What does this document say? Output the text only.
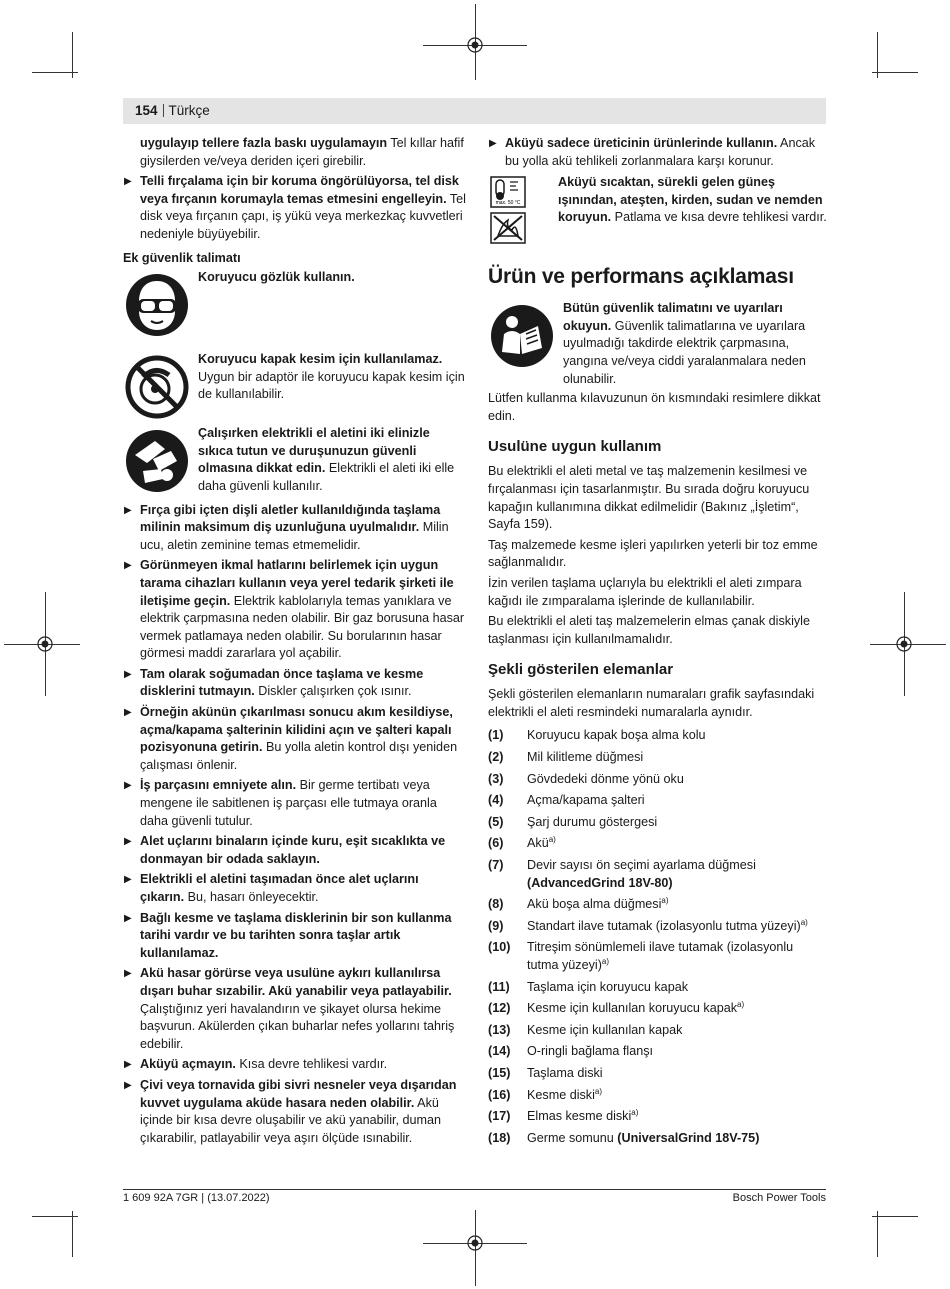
154 Türkçe

uygulayıp tellere fazla baskı uygulamayın Tel kıllar hafif giysilerden ve/veya deriden içeri girebilir.

▶ Telli fırçalama için bir koruma öngörülüyorsa, tel disk veya fırçanın korumayla temas etmesini engelleyin. Tel disk veya fırçanın çapı, iş yükü veya merkezkaç kuvvetleri nedeniyle büyüyebilir.
Ek güvenlik talimatı
Koruyucu gözlük kullanın.
Koruyucu kapak kesim için kullanılamaz. Uygun bir adaptör ile koruyucu kapak kesim için de kullanılabilir.
Çalışırken elektrikli el aletini iki elinizle sıkıca tutun ve duruşunuzun güvenli olmasına dikkat edin. Elektrikli el aleti iki elle daha güvenli kullanılır.
▶ Fırça gibi içten dişli aletler kullanıldığında taşlama milinin maksimum diş uzunluğuna uyulmalıdır. Milin ucu, aletin zeminine temas etmemelidir.
▶ Görünmeyen ikmal hatlarını belirlemek için uygun tarama cihazları kullanın veya yerel tedarik şirketi ile iletişime geçin. Elektrik kablolarıyla temas yanıklara ve elektrik çarpmasına neden olabilir. Bir gaz borusuna hasar vermek patlamaya neden olabilir. Su borularının hasar görmesi maddi zararlara yol açabilir.
▶ Tam olarak soğumadan önce taşlama ve kesme disklerini tutmayın. Diskler çalışırken çok ısınır.
▶ Örneğin akünün çıkarılması sonucu akım kesildiyse, açma/kapama şalterinin kilidini açın ve şalteri kapalı pozisyonuna getirin. Bu yolla aletin kontrol dışı yeniden çalışması önlenir.
▶ İş parçasını emniyete alın. Bir germe tertibatı veya mengene ile sabitlenen iş parçası elle tutmaya oranla daha güvenli tutulur.
▶ Alet uçlarını binaların içinde kuru, eşit sıcaklıkta ve donmayan bir odada saklayın.
▶ Elektrikli el aletini taşımadan önce alet uçlarını çıkarın. Bu, hasarı önleyecektir.
▶ Bağlı kesme ve taşlama disklerinin bir son kullanma tarihi vardır ve bu tarihten sonra taşlar artık kullanılamaz.
▶ Akü hasar görürse veya usulüne aykırı kullanılırsa dışarı buhar sızabilir. Akü yanabilir veya patlayabilir. Çalıştığınız yeri havalandırın ve şikayet olursa hekime başvurun. Akülerden çıkan buharlar nefes yollarını tahriş edebilir.
▶ Aküyü açmayın. Kısa devre tehlikesi vardır.
▶ Çivi veya tornavida gibi sivri nesneler veya dışarıdan kuvvet uygulama aküde hasara neden olabilir. Akü içinde bir kısa devre oluşabilir ve akü yanabilir, duman çıkarabilir, patlayabilir veya aşırı ölçüde ısınabilir.
▶ Aküyü sadece üreticinin ürünlerinde kullanın. Ancak bu yolla akü tehlikeli zorlanmalara karşı korunur.
max. 50 °C
Aküyü sıcaktan, sürekli gelen güneş ışınından, ateşten, kirden, sudan ve nemden koruyun. Patlama ve kısa devre tehlikesi vardır.
Ürün ve performans açıklaması
Bütün güvenlik talimatını ve uyarıları okuyun. Güvenlik talimatlarına ve uyarılara uyulmadığı takdirde elektrik çarpmasına, yangına ve/veya ciddi yaralanmalara neden olunabilir.

Lütfen kullanma kılavuzunun ön kısmındaki resimlere dikkat edin.

Usulüne uygun kullanım

Bu elektrikli el aleti metal ve taş malzemenin kesilmesi ve fırçalanması için tasarlanmıştır. Bu sırada doğru koruyucu kapağın kullanımına dikkat edilmelidir (Bakınız „İşletim“, Sayfa 159).

Taş malzemede kesme işleri yapılırken yeterli bir toz emme sağlanmalıdır.

İzin verilen taşlama uçlarıyla bu elektrikli el aleti zımpara kağıdı ile zımparalama işlerinde de kullanılabilir.

Bu elektrikli el aleti taş malzemelerin elmas çanak diskiyle taşlanması için kullanılmamalıdır.

Şekli gösterilen elemanlar

Şekli gösterilen elemanların numaraları grafik sayfasındaki elektrikli el aleti resmindeki numaralarla aynıdır.

(1)	Koruyucu kapak boşa alma kolu
(2)	Mil kilitleme düğmesi
(3)	Gövdedeki dönme yönü oku
(4)	Açma/kapama şalteri
(5)	Şarj durumu göstergesi
(6)	Akü$^{a)}$
(7)	Devir sayısı ön seçimi ayarlama düğmesi
(AdvancedGrind 18V-80)
(8)	Akü boşa alma düğmesi$^{a)}$
(9)	Standart ilave tutamak (izolasyonlu tutma yüzeyi)$^{a)}$
(10)	Titreşim sönümlemeli ilave tutamak (izolasyonlu tutma yüzeyi)$^{a)}$
(11)	Taşlama için koruyucu kapak
(12)	Kesme için kullanılan koruyucu kapak$^{a)}$
(13)	Kesme için kullanılan kapak
(14)	O-ringli bağlama flanşı
(15)	Taşlama diski
(16)	Kesme diski$^{a)}$
(17)	Elmas kesme diski$^{a)}$
(18)	Germe somunu (UniversalGrind 18V-75)
1 609 92A 7GR | (13.07.2022)	Bosch Power Tools
